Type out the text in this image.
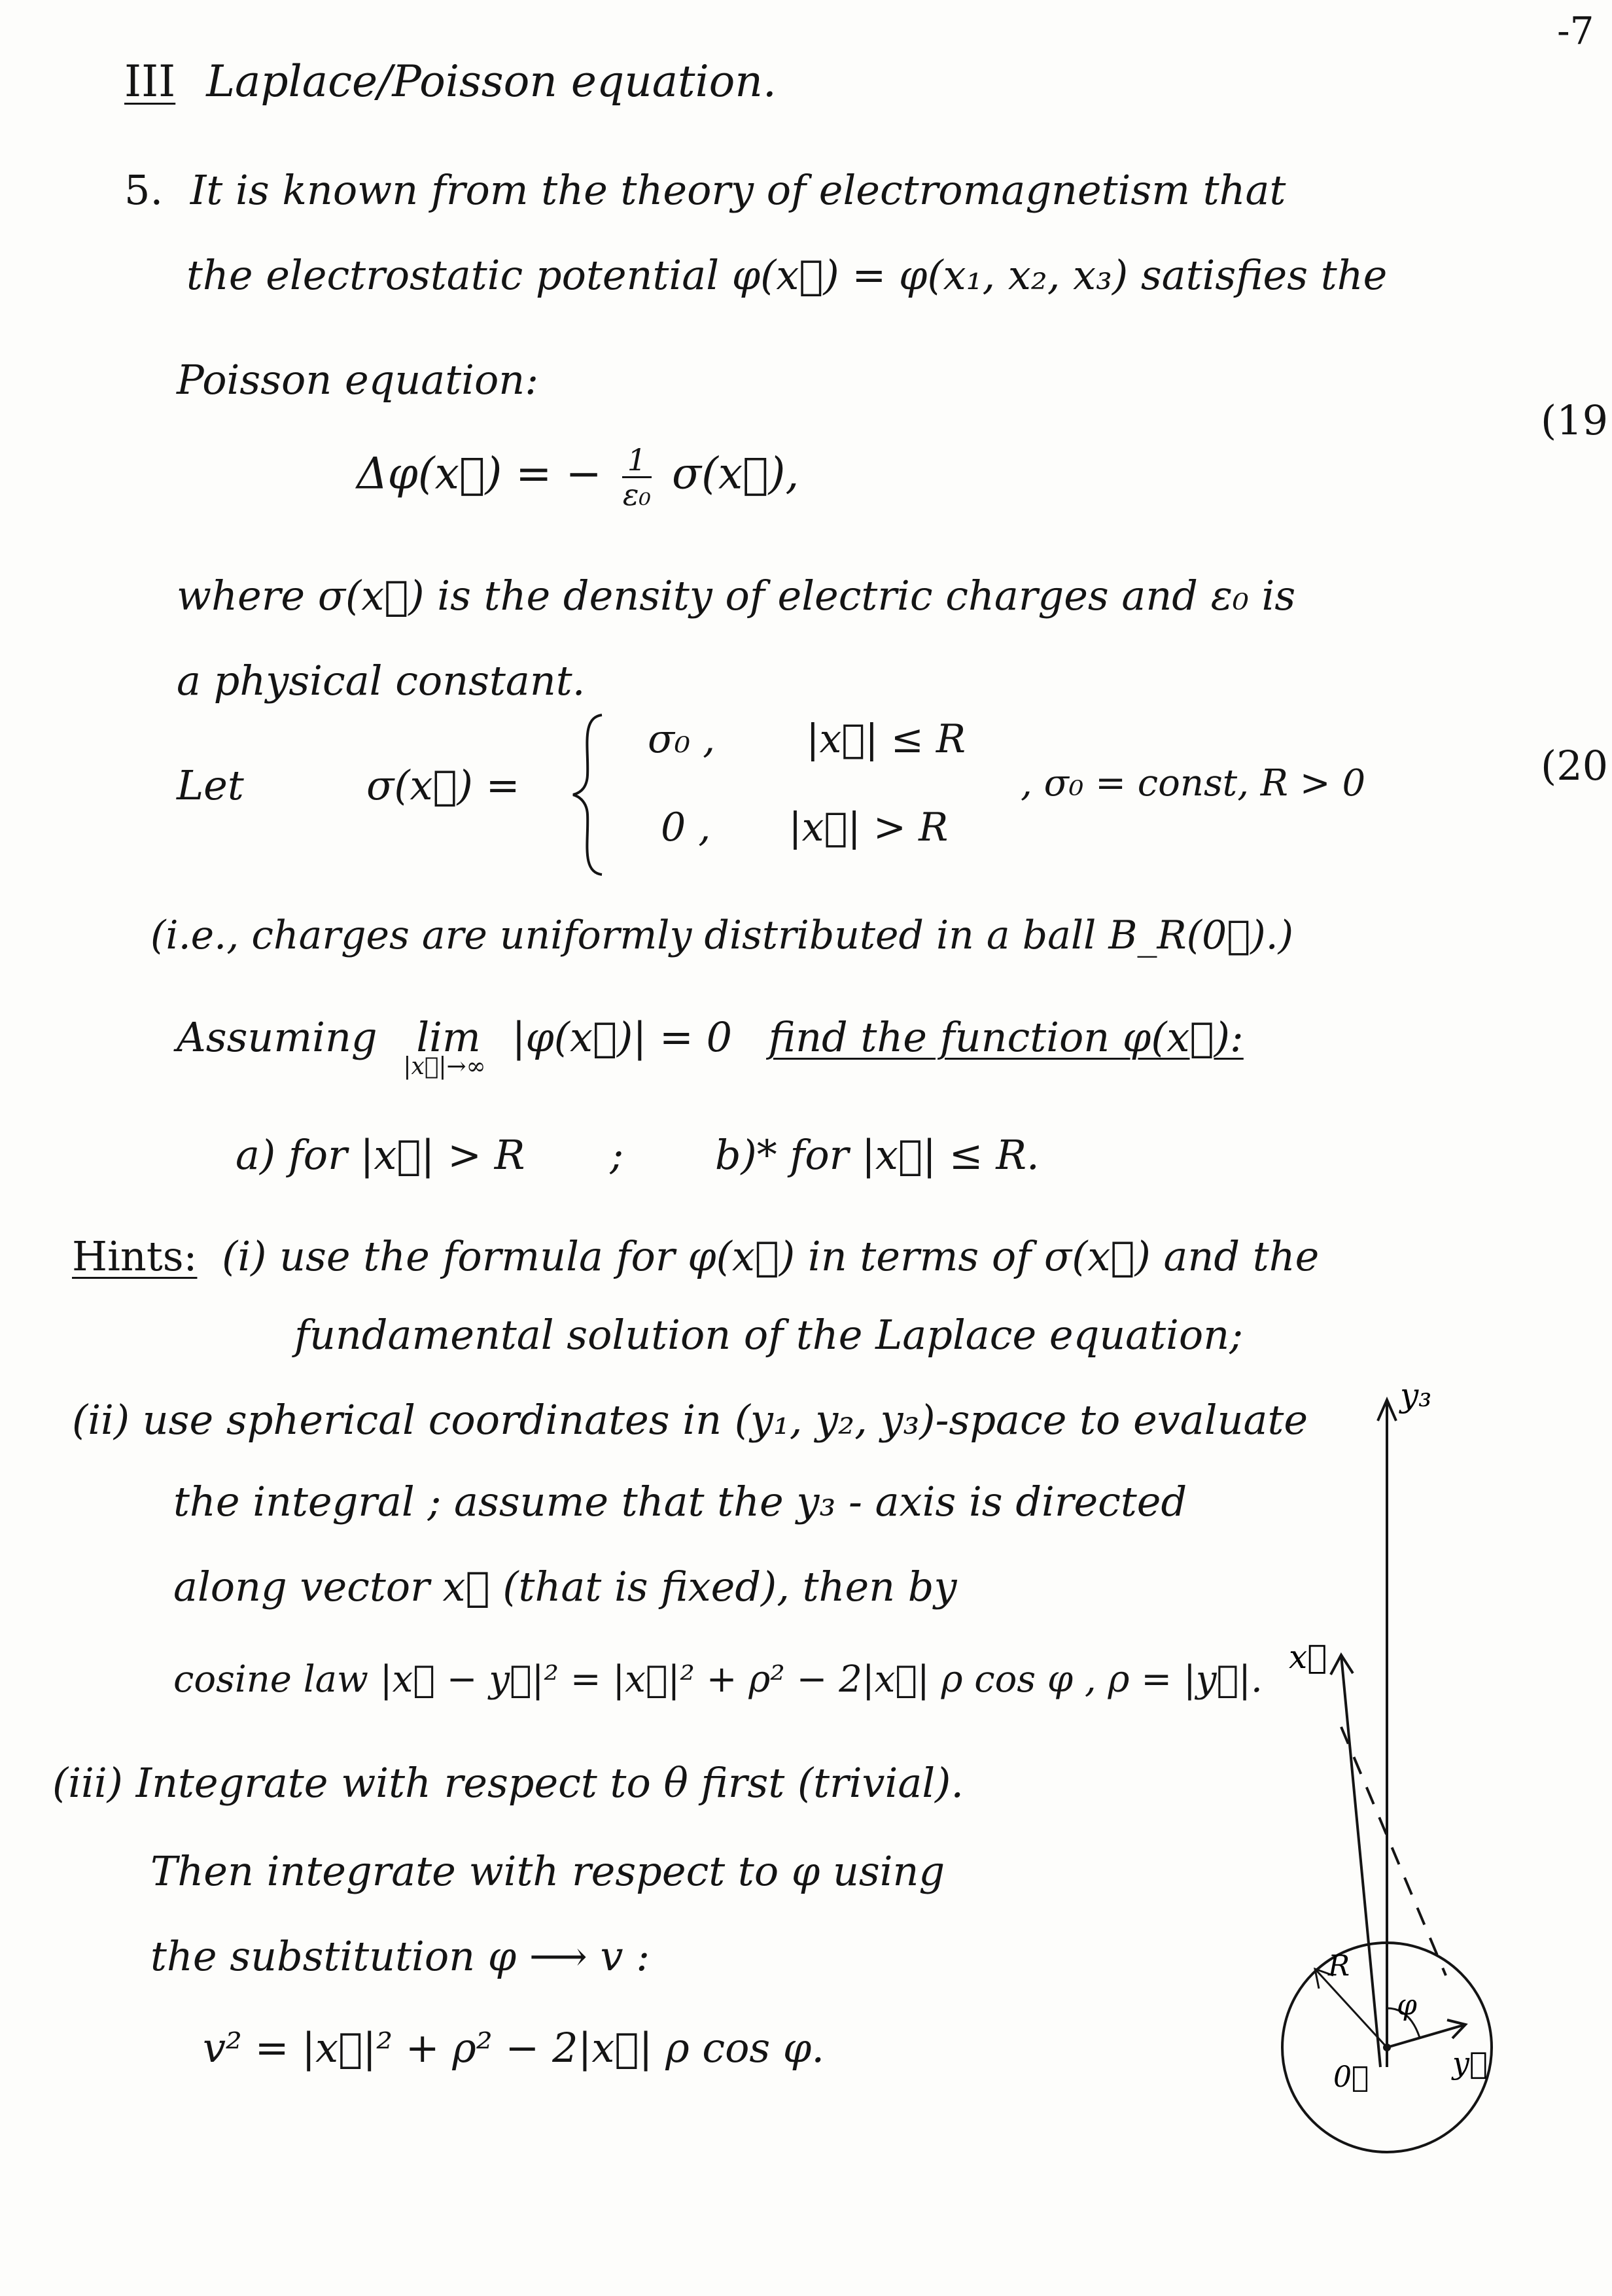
-7
III Laplace/Poisson equation.
5. It is known from the theory of electromagnetism that
the electrostatic potential φ(x⃗) = φ(x₁, x₂, x₃) satisfies the
Poisson equation:
(19
Δφ(x⃗) = − $\frac{1}{\text{ε₀}}$ σ(x⃗),
where σ(x⃗) is the density of electric charges and ε₀ is
a physical constant.
Let	σ(x⃗) =
σ₀ , |x⃗| ≤ R
0 , |x⃗| > R
, σ₀ = const, R > 0	(20
(i.e., charges are uniformly distributed in a ball B_R(0⃗).)
Assuming lim
|x⃗|→∞
|φ(x⃗)| = 0 find the function φ(x⃗):
a) for |x⃗| > R ; b)* for |x⃗| ≤ R.
Hints: (i) use the formula for φ(x⃗) in terms of σ(x⃗) and the
fundamental solution of the Laplace equation;
(ii) use spherical coordinates in (y₁, y₂, y₃)-space to evaluate
the integral ; assume that the y₃ - axis is directed
along vector x⃗ (that is fixed), then by
cosine law |x⃗ − y⃗|² = |x⃗|² + ρ² − 2|x⃗| ρ cos φ , ρ = |y⃗|.
(iii) Integrate with respect to θ first (trivial).
Then integrate with respect to φ using
the substitution φ ⟶ v :
v² = |x⃗|² + ρ² − 2|x⃗| ρ cos φ.
y₃
x⃗
R
y⃗
φ
0⃗
